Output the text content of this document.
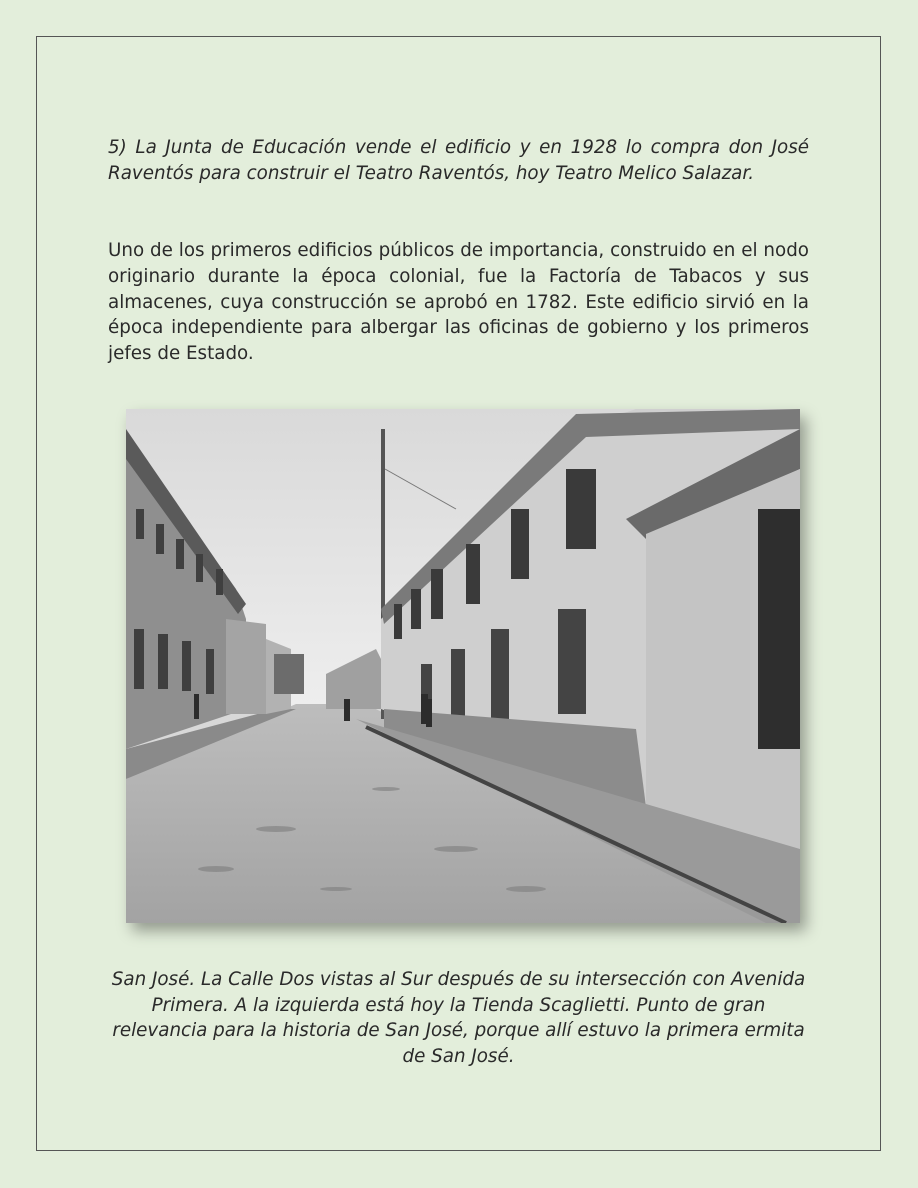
5) La Junta de Educación vende el edificio y en 1928 lo compra don José Raventós para construir el Teatro Raventós, hoy Teatro Melico Salazar.

Uno de los primeros edificios públicos de importancia, construido en el nodo originario durante la época colonial, fue la Factoría de Tabacos y sus almacenes, cuya construcción se aprobó en 1782. Este edificio sirvió en la época independiente para albergar las oficinas de gobierno y los primeros jefes de Estado.

San José. La Calle Dos vistas al Sur después de su intersección con Avenida Primera. A la izquierda está hoy la Tienda Scaglietti. Punto de gran relevancia para la historia de San José, porque allí estuvo la primera ermita de San José.
